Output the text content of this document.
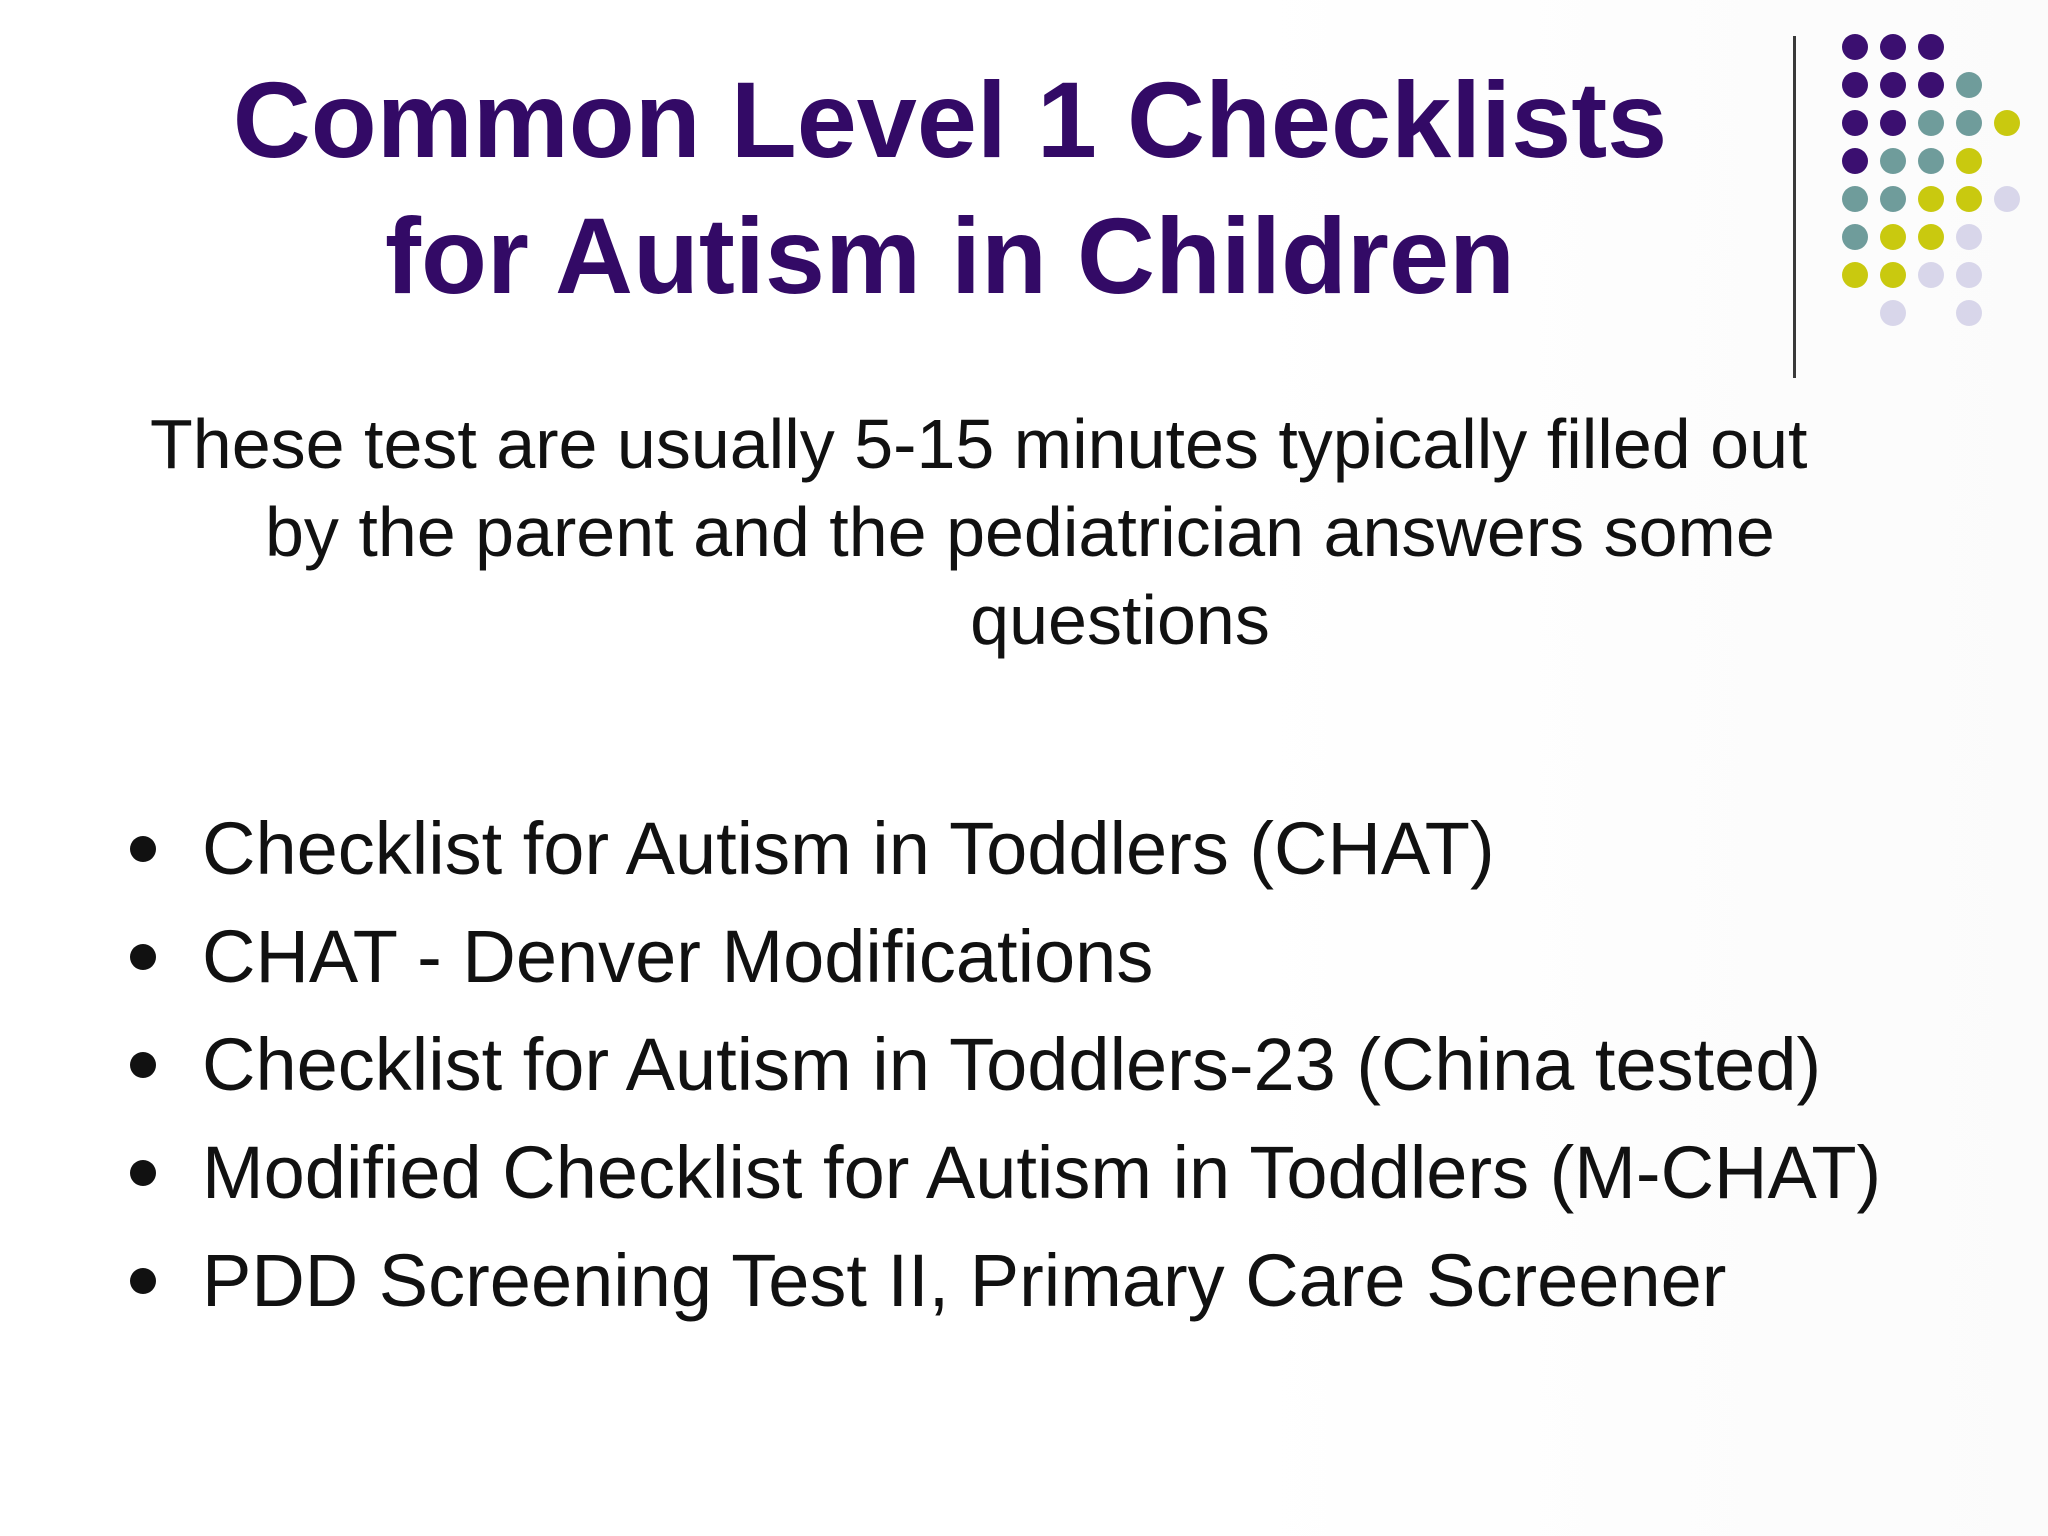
Common Level 1 Checklists
for Autism in Children

These test are usually 5-15 minutes typically filled out
by the parent and the pediatrician answers some
questions

Checklist for Autism in Toddlers (CHAT)
CHAT - Denver Modifications
Checklist for Autism in Toddlers-23 (China tested)
Modified Checklist for Autism in Toddlers (M-CHAT)
PDD Screening Test II, Primary Care Screener
